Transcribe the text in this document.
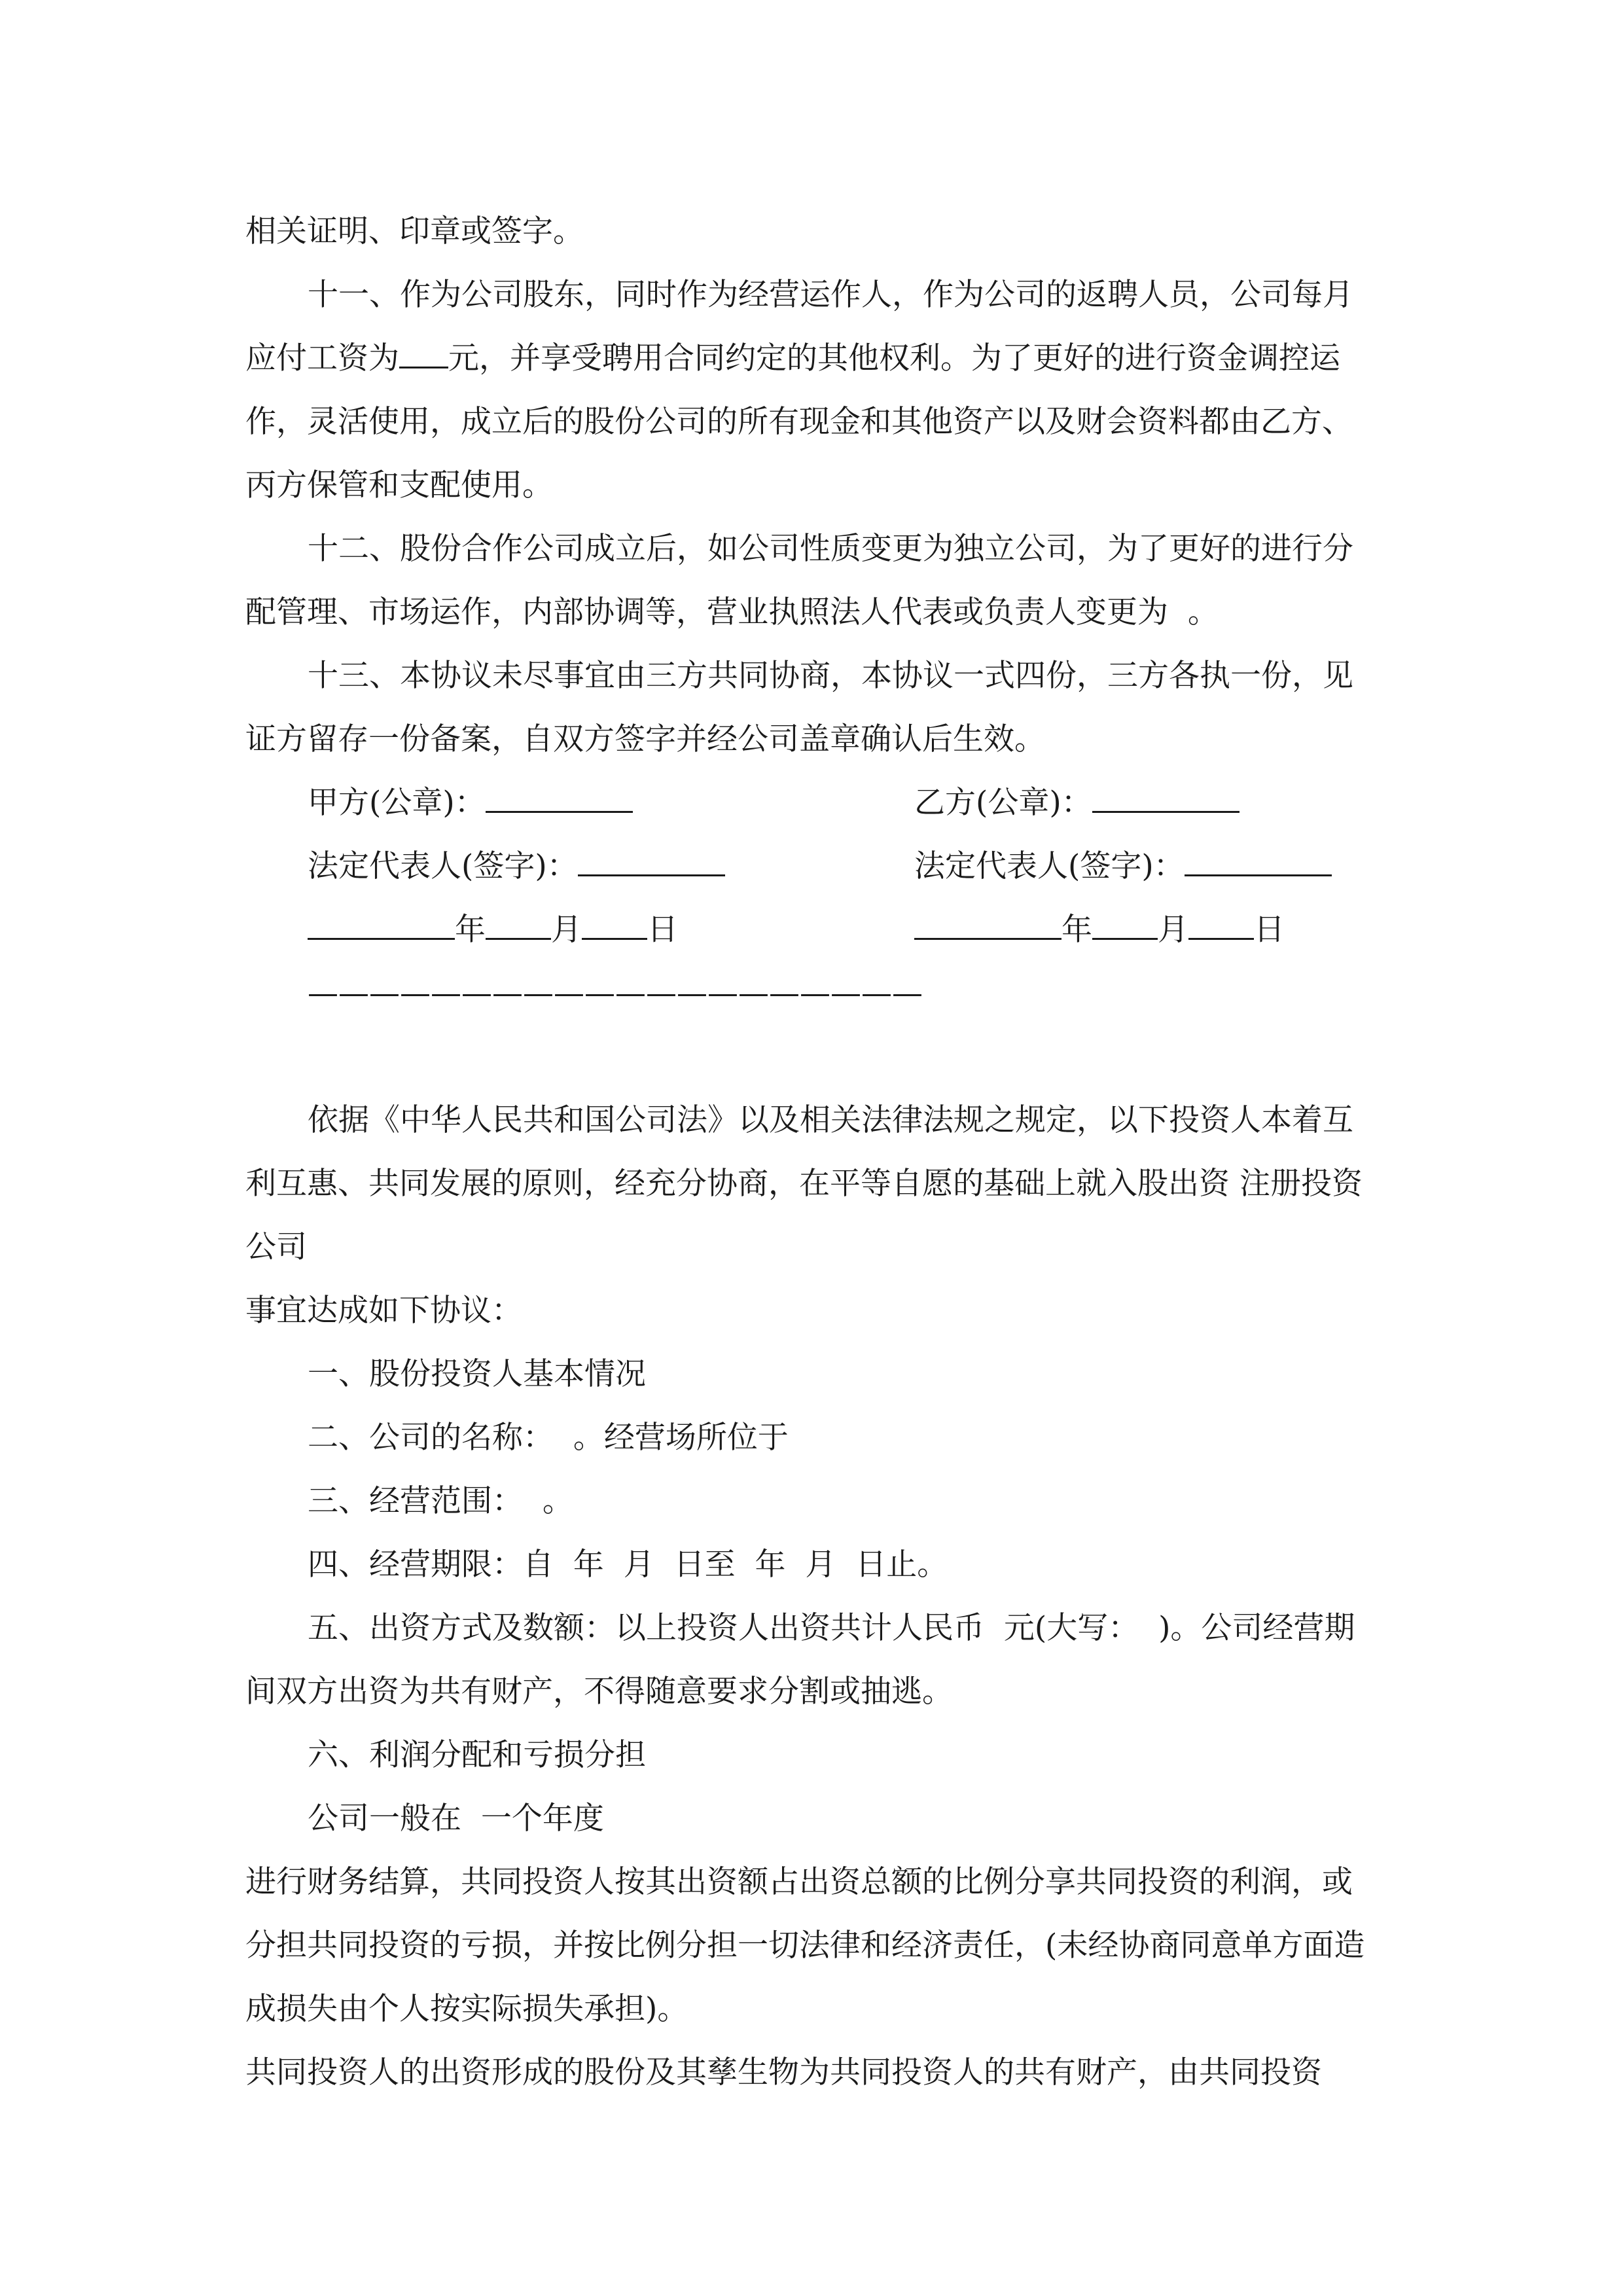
相关证明、印章或签字。

十一、作为公司股东，同时作为经营运作人，作为公司的返聘人员，公司每月应付工资为 元，并享受聘用合同约定的其他权利。为了更好的进行资金调控运作，灵活使用，成立后的股份公司的所有现金和其他资产以及财会资料都由乙方、丙方保管和支配使用。

十二、股份合作公司成立后，如公司性质变更为独立公司，为了更好的进行分配管理、市场运作，内部协调等，营业执照法人代表或负责人变更为  。

十三、本协议未尽事宜由三方共同协商，本协议一式四份，三方各执一份，见证方留存一份备案，自双方签字并经公司盖章确认后生效。

甲方(公章)：	乙方(公章)：
法定代表人(签字)：	法定代表人(签字)：
年 月 日	年 月 日
————————————————————

依据《中华人民共和国公司法》以及相关法律法规之规定，以下投资人本着互利互惠、共同发展的原则，经充分协商，在平等自愿的基础上就入股出资 注册投资公司

事宜达成如下协议：

一、股份投资人基本情况

二、公司的名称：  。经营场所位于

三、经营范围：  。

四、经营期限：自  年  月  日至  年  月  日止。

五、出资方式及数额：以上投资人出资共计人民币  元(大写：  )。公司经营期间双方出资为共有财产，不得随意要求分割或抽逃。

六、利润分配和亏损分担

公司一般在  一个年度

进行财务结算，共同投资人按其出资额占出资总额的比例分享共同投资的利润，或分担共同投资的亏损，并按比例分担一切法律和经济责任，(未经协商同意单方面造成损失由个人按实际损失承担)。

共同投资人的出资形成的股份及其孳生物为共同投资人的共有财产，由共同投资
